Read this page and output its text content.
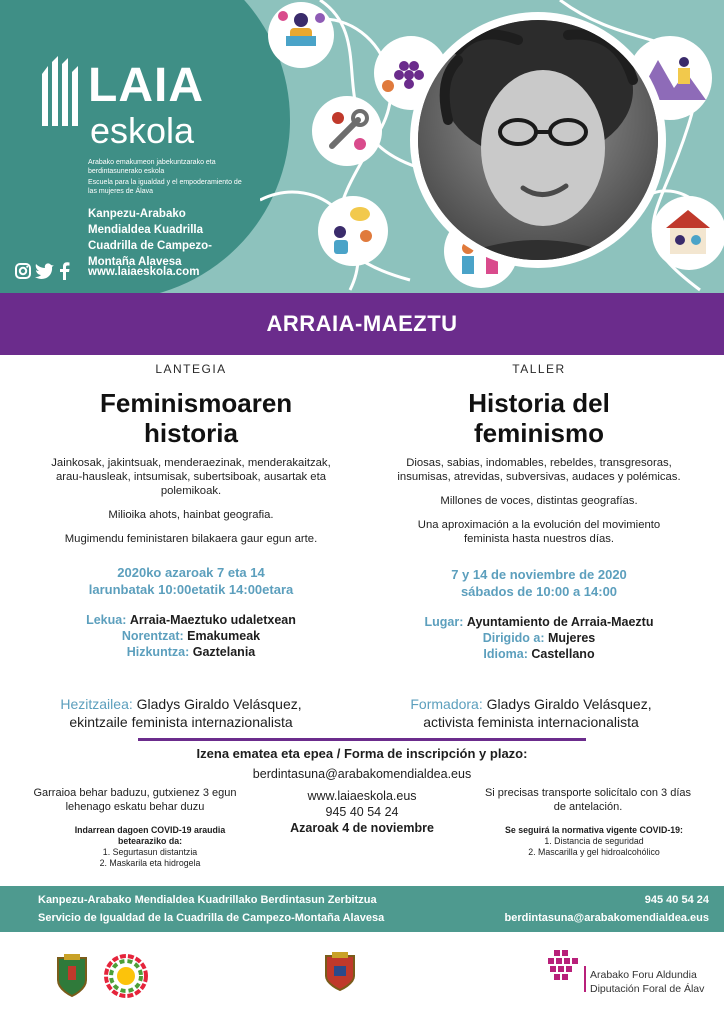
LAIA
eskola
Arabako emakumeon jabekuntzarako eta berdintasunerako eskola
Escuela para la igualdad y el empoderamiento de las mujeres de Álava
Kanpezu-Arabako
Mendialdea Kuadrilla
Cuadrilla de Campezo-
Montaña Alavesa
www.laiaeskola.com
ARRAIA-MAEZTU

LANTEGIA

Feminismoaren historia

Jainkosak, jakintsuak, menderaezinak, menderakaitzak, arau-hausleak, intsumisak, subertsiboak, ausartak eta polemikoak.

Milioika ahots, hainbat geografia.

Mugimendu feministaren bilakaera gaur egun arte.

2020ko azaroak 7 eta 14
larunbatak 10:00etatik 14:00etara

Lekua: Arraia-Maeztuko udaletxean

Norentzat: Emakumeak

Hizkuntza: Gaztelania

Hezitzailea: Gladys Giraldo Velásquez,
ekintzaile feminista internazionalista

TALLER

Historia del feminismo

Diosas, sabias, indomables, rebeldes, transgresoras, insumisas, atrevidas, subversivas, audaces y polémicas.

Millones de voces, distintas geografías.

Una aproximación a la evolución del movimiento feminista hasta nuestros días.

7 y 14 de noviembre de 2020
sábados de 10:00 a 14:00

Lugar: Ayuntamiento de Arraia-Maeztu

Dirigido a: Mujeres

Idioma: Castellano

Formadora: Gladys Giraldo Velásquez,
activista feminista internacionalista
Izena ematea eta epea / Forma de inscripción y plazo:
berdintasuna@arabakomendialdea.eus
www.laiaeskola.eus
945 40 54 24
Azaroak 4 de noviembre
Garraioa behar baduzu, gutxienez 3 egun lehenago eskatu behar duzu
Si precisas transporte solicítalo con 3 días de antelación.
Indarrean dagoen COVID-19 araudia betearaziko da:
1. Segurtasun distantzia
2. Maskarila eta hidrogela
Se seguirá la normativa vigente COVID-19:
1. Distancia de seguridad
2. Mascarilla y gel hidroalcohólico
Kanpezu-Arabako Mendialdea Kuadrillako Berdintasun Zerbitzua
Servicio de Igualdad de la Cuadrilla de Campezo-Montaña Alavesa
945 40 54 24
berdintasuna@arabakomendialdea.eus
Arabako Foru Aldundia
Diputación Foral de Álav
